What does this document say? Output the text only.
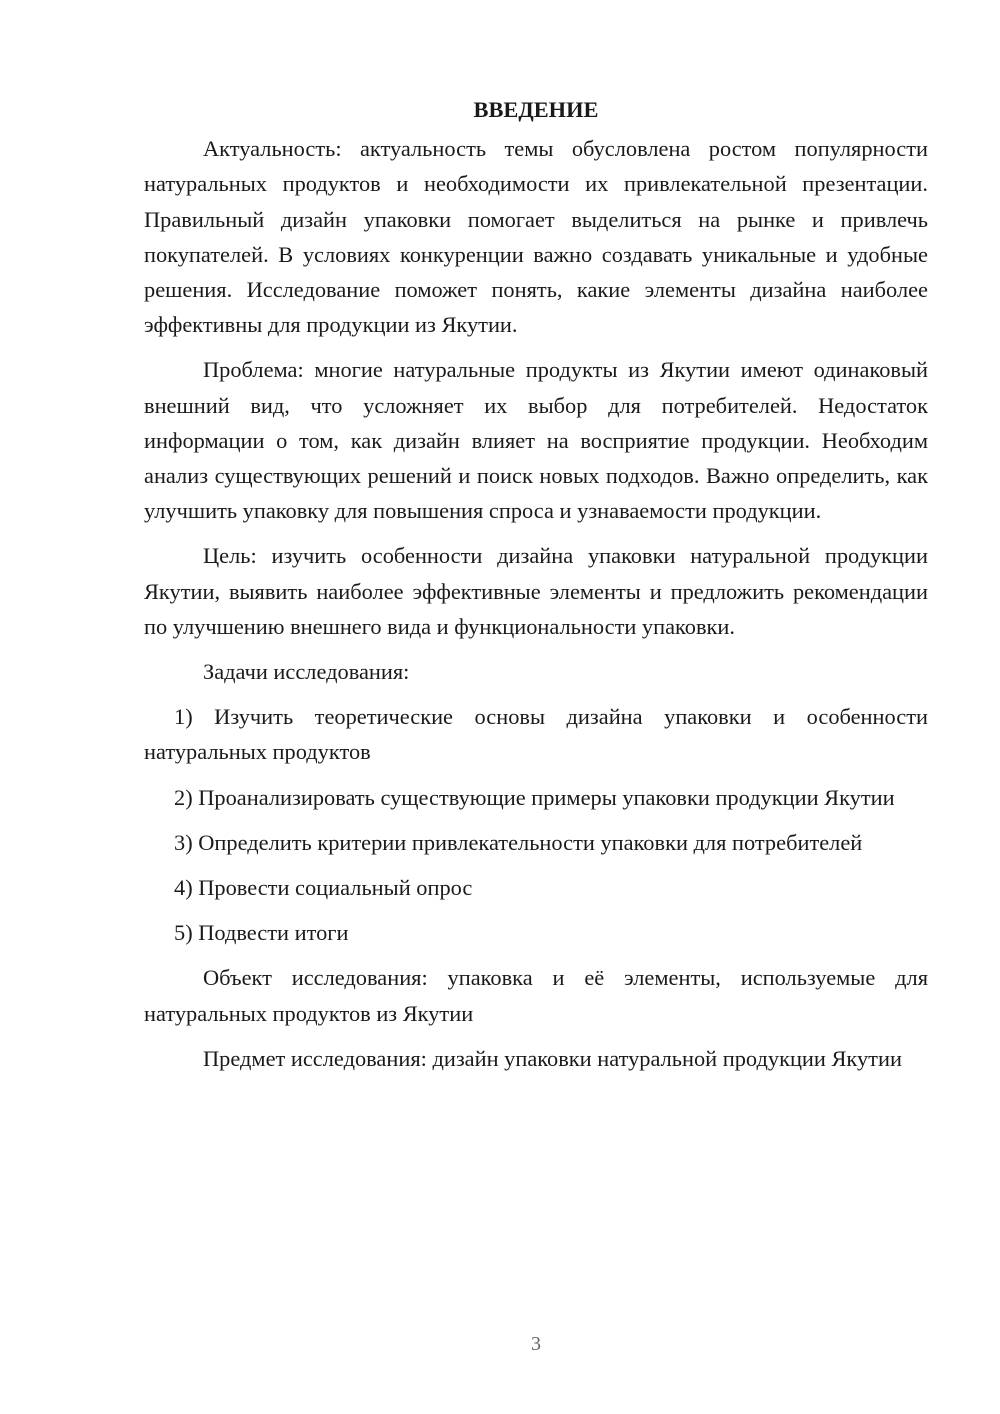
ВВЕДЕНИЕ

Актуальность: актуальность темы обусловлена ростом популярности натуральных продуктов и необходимости их привлекательной презентации. Правильный дизайн упаковки помогает выделиться на рынке и привлечь покупателей. В условиях конкуренции важно создавать уникальные и удобные решения. Исследование поможет понять, какие элементы дизайна наиболее эффективны для продукции из Якутии.

Проблема: многие натуральные продукты из Якутии имеют одинаковый внешний вид, что усложняет их выбор для потребителей. Недостаток информации о том, как дизайн влияет на восприятие продукции. Необходим анализ существующих решений и поиск новых подходов. Важно определить, как улучшить упаковку для повышения спроса и узнаваемости продукции.

Цель: изучить особенности дизайна упаковки натуральной продукции Якутии, выявить наиболее эффективные элементы и предложить рекомендации по улучшению внешнего вида и функциональности упаковки.

Задачи исследования:

1) Изучить теоретические основы дизайна упаковки и особенности натуральных продуктов

2) Проанализировать существующие примеры упаковки продукции Якутии

3) Определить критерии привлекательности упаковки для потребителей

4) Провести социальный опрос

5) Подвести итоги

Объект исследования: упаковка и её элементы, используемые для натуральных продуктов из Якутии

Предмет исследования: дизайн упаковки натуральной продукции Якутии

3
